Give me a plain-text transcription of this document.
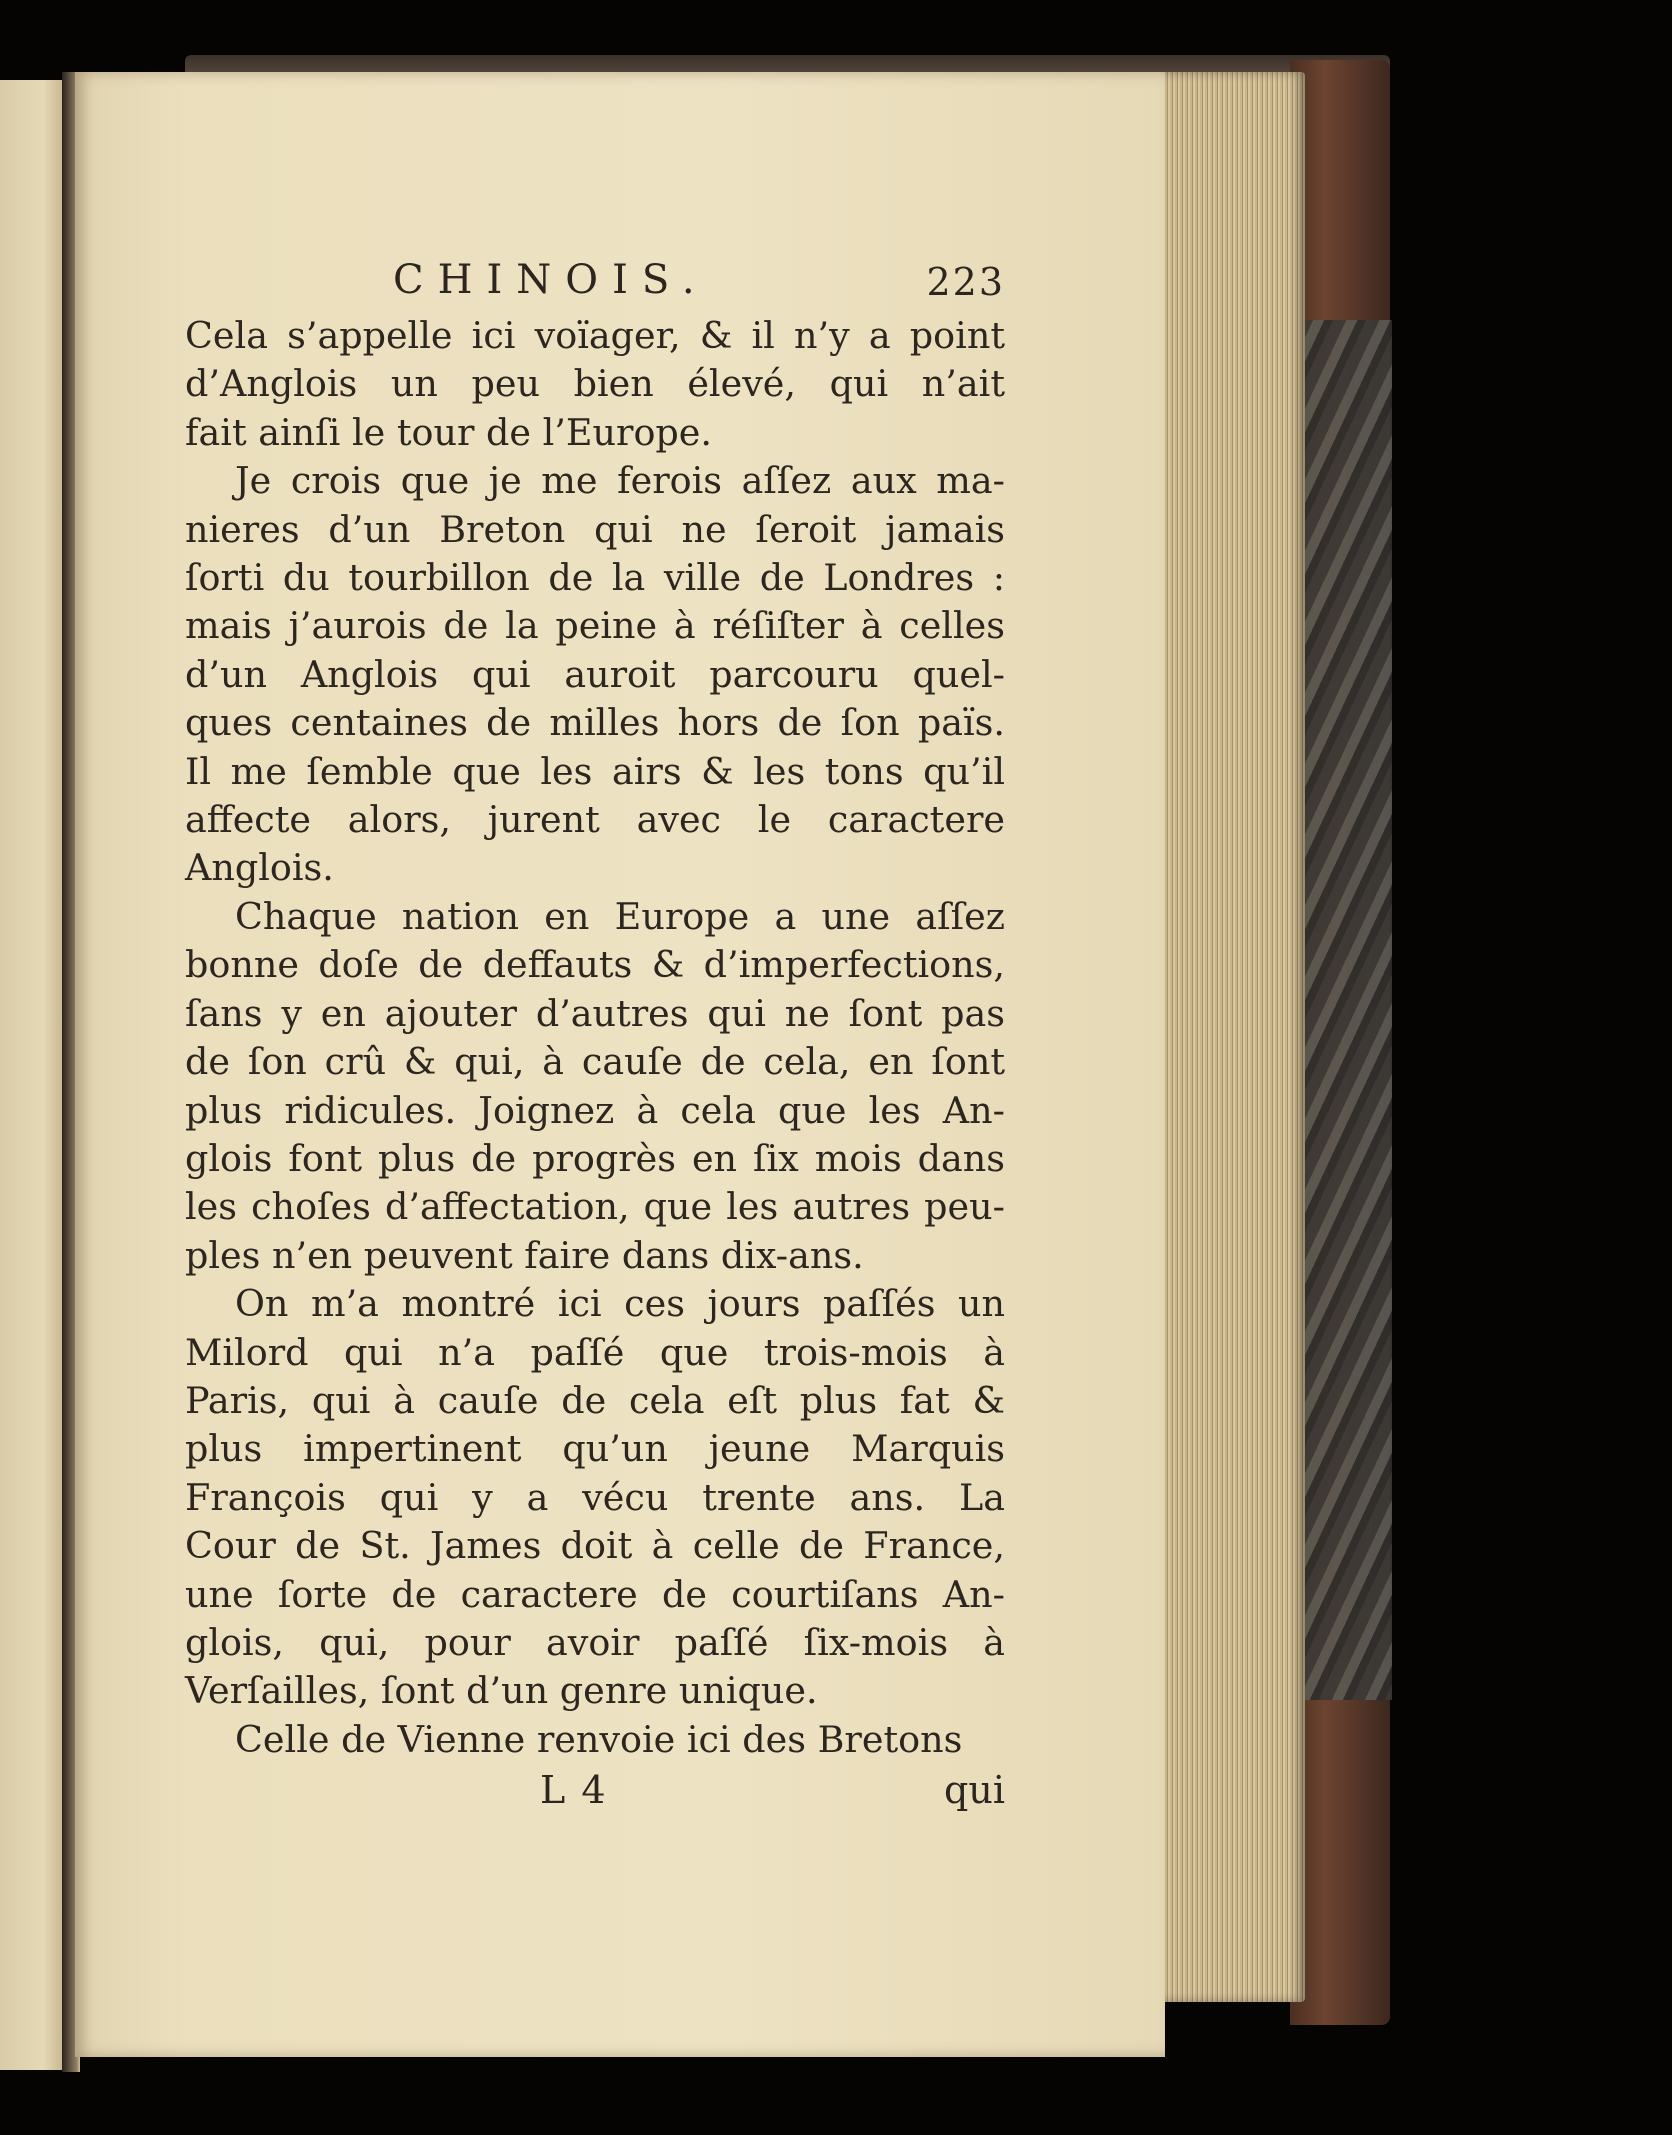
CHINOIS.	223

Cela s’appelle ici voïager, & il n’y a point
d’Anglois un peu bien élevé, qui n’ait
fait ainſi le tour de l’Europe.

Je crois que je me ferois aſſez aux ma-
nieres d’un Breton qui ne ſeroit jamais
ſorti du tourbillon de la ville de Londres :
mais j’aurois de la peine à réſiſter à celles
d’un Anglois qui auroit parcouru quel-
ques centaines de milles hors de ſon païs.
Il me ſemble que les airs & les tons qu’il
affecte alors, jurent avec le caractere
Anglois.

Chaque nation en Europe a une aſſez
bonne doſe de deffauts & d’imperfections,
ſans y en ajouter d’autres qui ne ſont pas
de ſon crû & qui, à cauſe de cela, en ſont
plus ridicules. Joignez à cela que les An-
glois font plus de progrès en ſix mois dans
les choſes d’affectation, que les autres peu-
ples n’en peuvent faire dans dix-ans.

On m’a montré ici ces jours paſſés un
Milord qui n’a paſſé que trois-mois à
Paris, qui à cauſe de cela eſt plus fat &
plus impertinent qu’un jeune Marquis
François qui y a vécu trente ans. La
Cour de St. James doit à celle de France,
une ſorte de caractere de courtiſans An-
glois, qui, pour avoir paſſé ſix-mois à
Verſailles, ſont d’un genre unique.

Celle de Vienne renvoie ici des Bretons

L 4	qui
